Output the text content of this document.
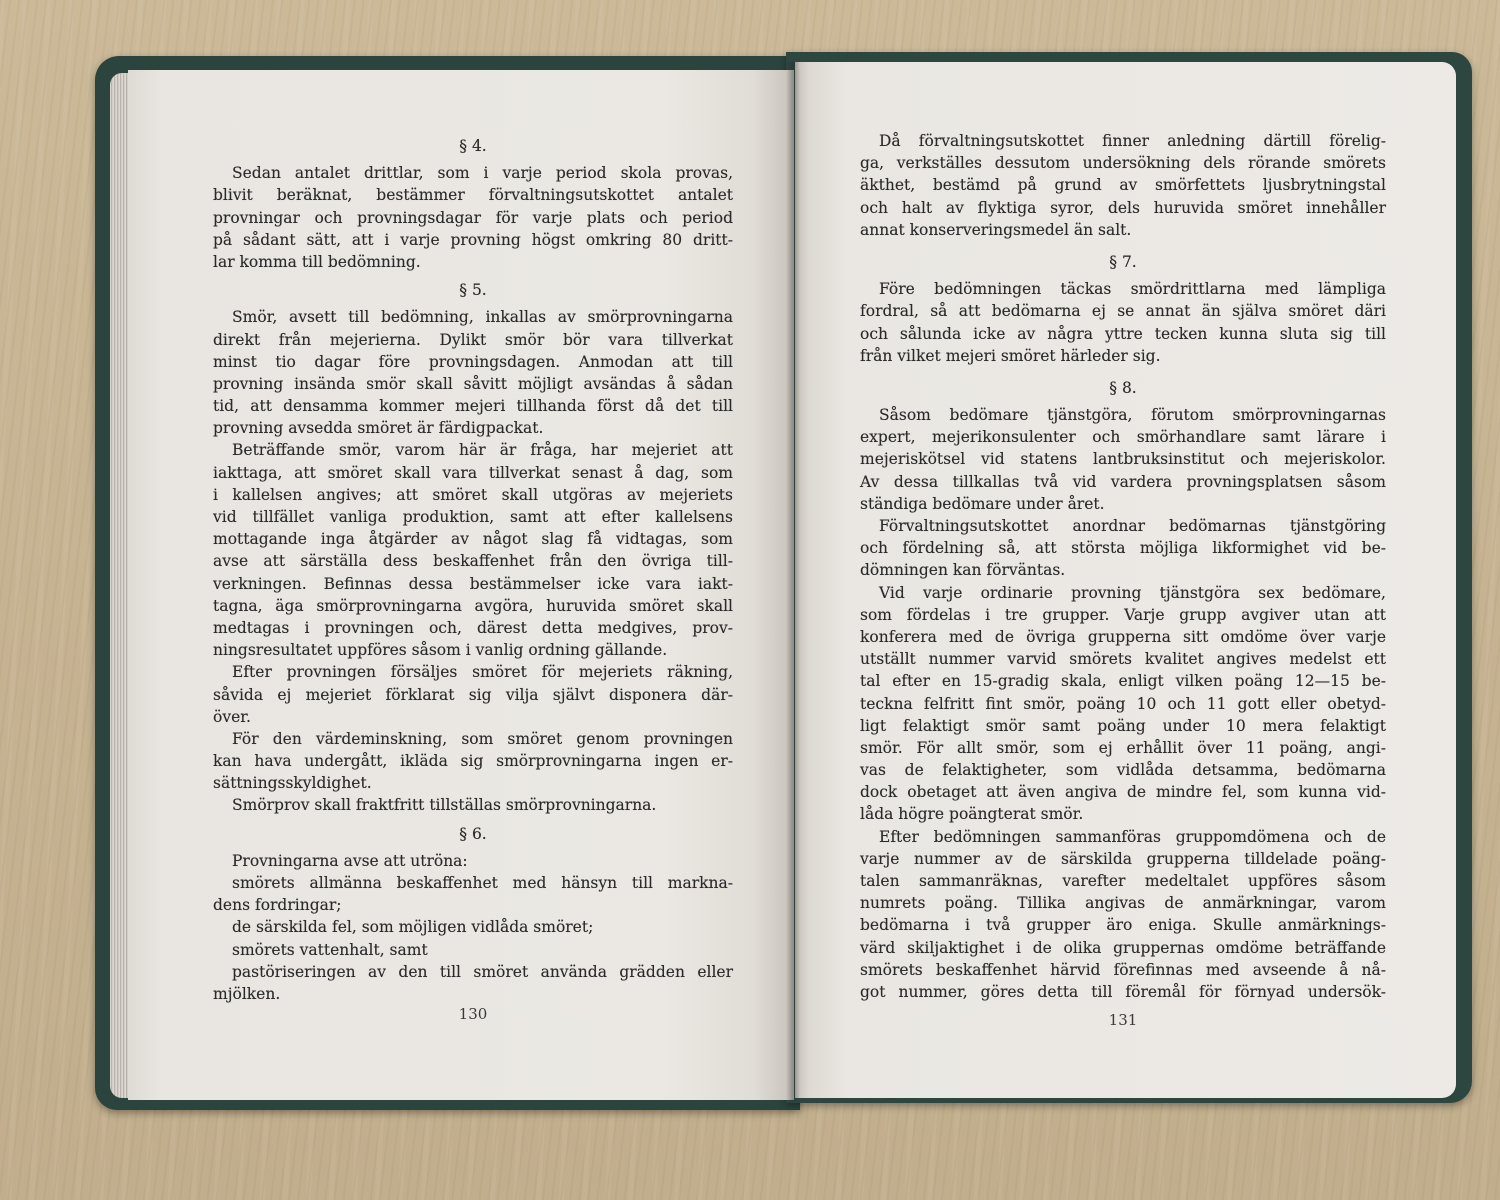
§ 4.
Sedan antalet drittlar, som i varje period skola provas,
blivit beräknat, bestämmer förvaltningsutskottet antalet
provningar och provningsdagar för varje plats och period
på sådant sätt, att i varje provning högst omkring 80 dritt-
lar komma till bedömning.
§ 5.
Smör, avsett till bedömning, inkallas av smörprovningarna
direkt från mejerierna. Dylikt smör bör vara tillverkat
minst tio dagar före provningsdagen. Anmodan att till
provning insända smör skall såvitt möjligt avsändas å sådan
tid, att densamma kommer mejeri tillhanda först då det till
provning avsedda smöret är färdigpackat.
Beträffande smör, varom här är fråga, har mejeriet att
iakttaga, att smöret skall vara tillverkat senast å dag, som
i kallelsen angives; att smöret skall utgöras av mejeriets
vid tillfället vanliga produktion, samt att efter kallelsens
mottagande inga åtgärder av något slag få vidtagas, som
avse att särställa dess beskaffenhet från den övriga till-
verkningen. Befinnas dessa bestämmelser icke vara iakt-
tagna, äga smörprovningarna avgöra, huruvida smöret skall
medtagas i provningen och, därest detta medgives, prov-
ningsresultatet uppföres såsom i vanlig ordning gällande.
Efter provningen försäljes smöret för mejeriets räkning,
såvida ej mejeriet förklarat sig vilja självt disponera där-
över.
För den värdeminskning, som smöret genom provningen
kan hava undergått, ikläda sig smörprovningarna ingen er-
sättningsskyldighet.
Smörprov skall fraktfritt tillställas smörprovningarna.
§ 6.
Provningarna avse att utröna:
smörets allmänna beskaffenhet med hänsyn till markna-
dens fordringar;
de särskilda fel, som möjligen vidlåda smöret;
smörets vattenhalt, samt
pastöriseringen av den till smöret använda grädden eller
mjölken.
Då förvaltningsutskottet finner anledning därtill förelig-
ga, verkställes dessutom undersökning dels rörande smörets
äkthet, bestämd på grund av smörfettets ljusbrytningstal
och halt av flyktiga syror, dels huruvida smöret innehåller
annat konserveringsmedel än salt.
§ 7.
Före bedömningen täckas smördrittlarna med lämpliga
fordral, så att bedömarna ej se annat än själva smöret däri
och sålunda icke av några yttre tecken kunna sluta sig till
från vilket mejeri smöret härleder sig.
§ 8.
Såsom bedömare tjänstgöra, förutom smörprovningarnas
expert, mejerikonsulenter och smörhandlare samt lärare i
mejeriskötsel vid statens lantbruksinstitut och mejeriskolor.
Av dessa tillkallas två vid vardera provningsplatsen såsom
ständiga bedömare under året.
Förvaltningsutskottet anordnar bedömarnas tjänstgöring
och fördelning så, att största möjliga likformighet vid be-
dömningen kan förväntas.
Vid varje ordinarie provning tjänstgöra sex bedömare,
som fördelas i tre grupper. Varje grupp avgiver utan att
konferera med de övriga grupperna sitt omdöme över varje
utställt nummer varvid smörets kvalitet angives medelst ett
tal efter en 15-gradig skala, enligt vilken poäng 12—15 be-
teckna felfritt fint smör, poäng 10 och 11 gott eller obetyd-
ligt felaktigt smör samt poäng under 10 mera felaktigt
smör. För allt smör, som ej erhållit över 11 poäng, angi-
vas de felaktigheter, som vidlåda detsamma, bedömarna
dock obetaget att även angiva de mindre fel, som kunna vid-
låda högre poängterat smör.
Efter bedömningen sammanföras gruppomdömena och de
varje nummer av de särskilda grupperna tilldelade poäng-
talen sammanräknas, varefter medeltalet uppföres såsom
numrets poäng. Tillika angivas de anmärkningar, varom
bedömarna i två grupper äro eniga. Skulle anmärknings-
värd skiljaktighet i de olika gruppernas omdöme beträffande
smörets beskaffenhet härvid förefinnas med avseende å nå-
got nummer, göres detta till föremål för förnyad undersök-
130	131
